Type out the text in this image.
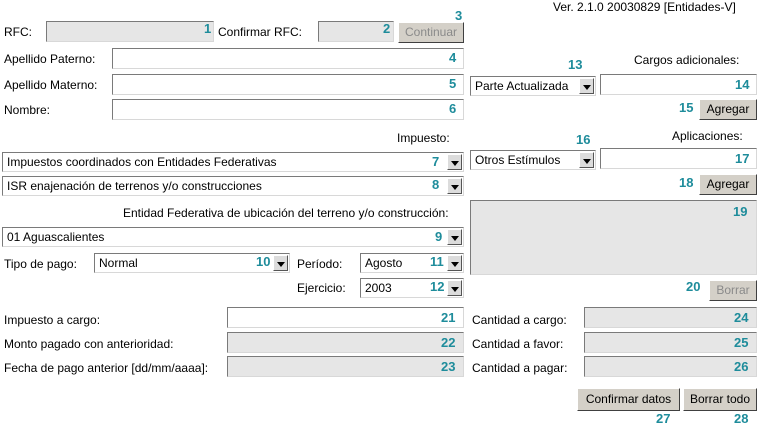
Ver. 2.1.0 20030829 [Entidades-V]
RFC:	Confirmar RFC:	Continuar
Apellido Paterno:
Apellido Materno:
Nombre:
Cargos adicionales:
Parte Actualizada
Agregar
Impuesto:
Impuestos coordinados con Entidades Federativas
ISR enajenación de terrenos y/o construcciones
Aplicaciones:
Otros Estímulos
Agregar
Entidad Federativa de ubicación del terreno y/o construcción:
01 Aguascalientes
Tipo de pago: Normal	Período: Agosto
Ejercicio: 2003	Borrar
Impuesto a cargo:
Monto pagado con anterioridad:
Fecha de pago anterior [dd/mm/aaaa]:
Cantidad a cargo:
Cantidad a favor:
Cantidad a pagar:
Confirmar datos	Borrar todo
1	2
3
4
5
6
7
8
9
10	11
12
13
14
15
16
17
18
19
20
21
22
23
24
25
26
27	28
